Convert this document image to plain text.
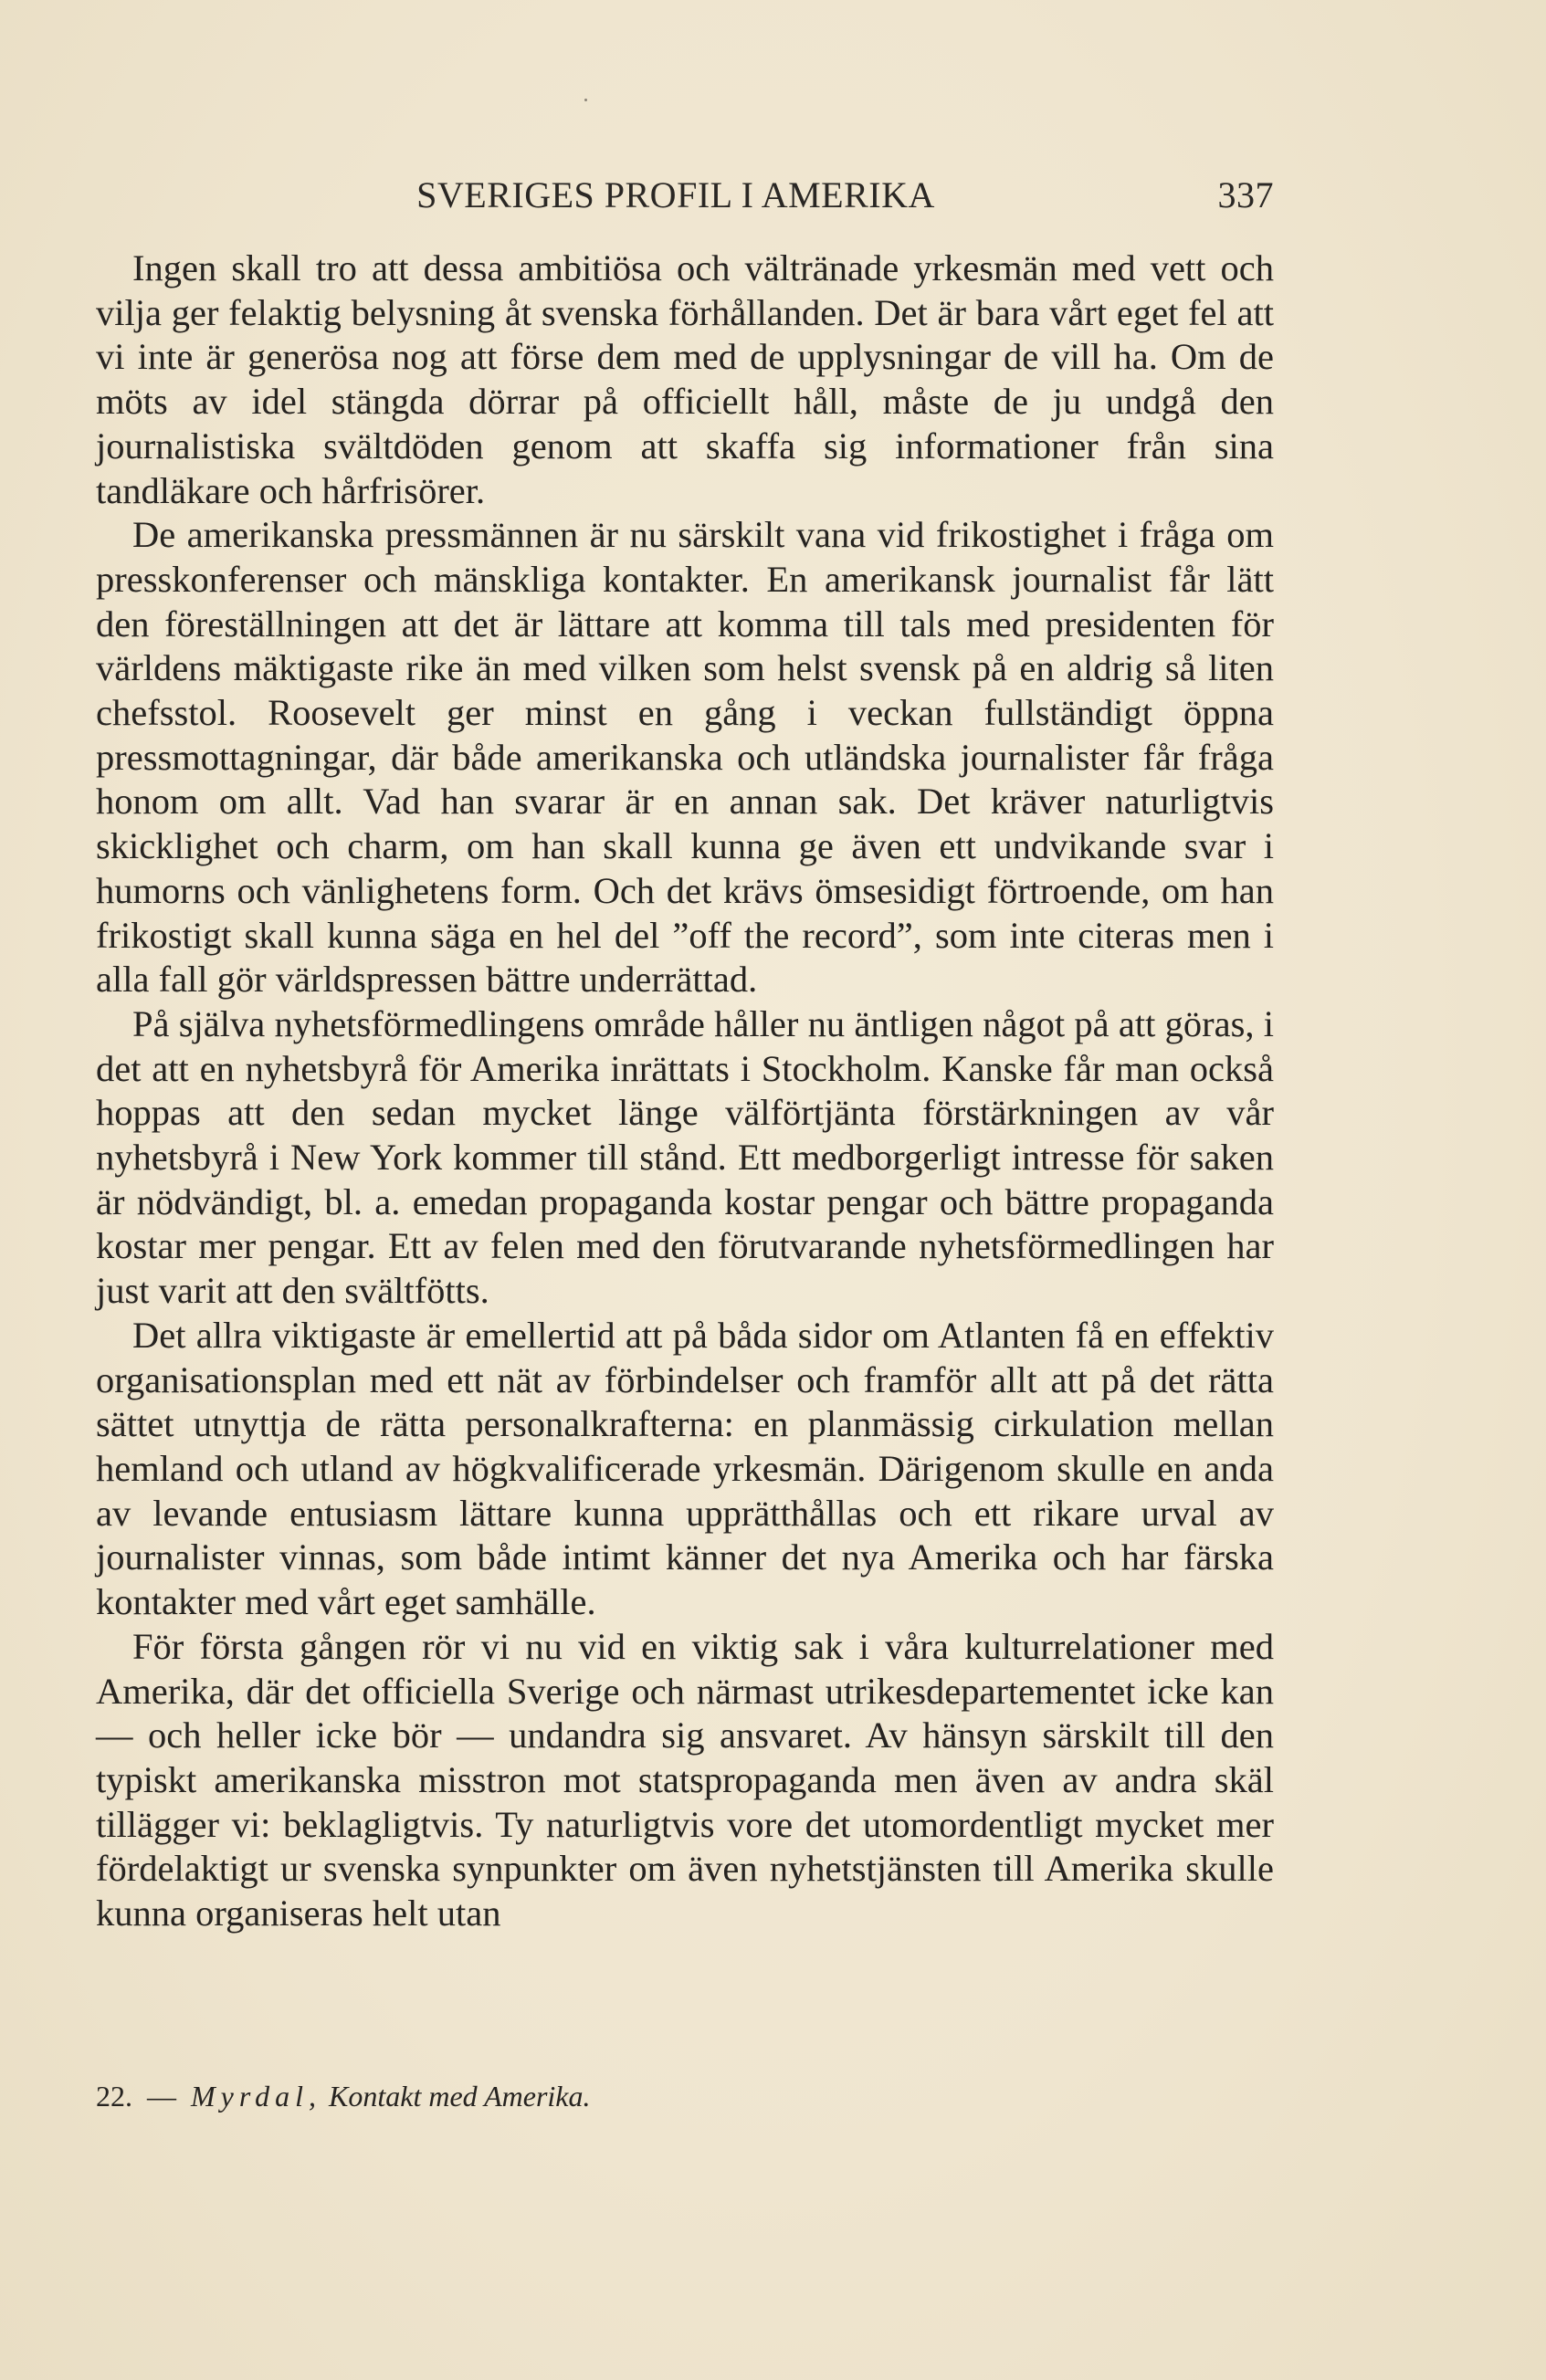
SVERIGES PROFIL I AMERIKA	337

Ingen skall tro att dessa ambitiösa och vältränade yrkesmän med vett och vilja ger felaktig belysning åt svenska förhållanden. Det är bara vårt eget fel att vi inte är generösa nog att förse dem med de upplysningar de vill ha. Om de möts av idel stängda dörrar på officiellt håll, måste de ju undgå den journalistiska svältdöden genom att skaffa sig informationer från sina tandläkare och hårfrisörer.

De amerikanska pressmännen är nu särskilt vana vid frikostighet i fråga om presskonferenser och mänskliga kontakter. En amerikansk journalist får lätt den föreställningen att det är lättare att komma till tals med presidenten för världens mäktigaste rike än med vilken som helst svensk på en aldrig så liten chefsstol. Roosevelt ger minst en gång i veckan fullständigt öppna pressmottagningar, där både amerikanska och utländska journalister får fråga honom om allt. Vad han svarar är en annan sak. Det kräver naturligtvis skicklighet och charm, om han skall kunna ge även ett undvikande svar i humorns och vänlighetens form. Och det krävs ömsesidigt förtroende, om han frikostigt skall kunna säga en hel del ”off the record”, som inte citeras men i alla fall gör världspressen bättre underrättad.

På själva nyhetsförmedlingens område håller nu äntligen något på att göras, i det att en nyhetsbyrå för Amerika inrättats i Stockholm. Kanske får man också hoppas att den sedan mycket länge välförtjänta förstärkningen av vår nyhetsbyrå i New York kommer till stånd. Ett medborgerligt intresse för saken är nödvändigt, bl. a. emedan propaganda kostar pengar och bättre propaganda kostar mer pengar. Ett av felen med den förutvarande nyhetsförmedlingen har just varit att den svältfötts.

Det allra viktigaste är emellertid att på båda sidor om Atlanten få en effektiv organisationsplan med ett nät av förbindelser och framför allt att på det rätta sättet utnyttja de rätta personalkrafterna: en planmässig cirkulation mellan hemland och utland av högkvalificerade yrkesmän. Därigenom skulle en anda av levande entusiasm lättare kunna upprätthållas och ett rikare urval av journalister vinnas, som både intimt känner det nya Amerika och har färska kontakter med vårt eget samhälle.

För första gången rör vi nu vid en viktig sak i våra kulturrelationer med Amerika, där det officiella Sverige och närmast utrikesdepartementet icke kan — och heller icke bör — undandra sig ansvaret. Av hänsyn särskilt till den typiskt amerikanska misstron mot statspropaganda men även av andra skäl tillägger vi: beklagligtvis. Ty naturligtvis vore det utomordentligt mycket mer fördelaktigt ur svenska synpunkter om även nyhetstjänsten till Amerika skulle kunna organiseras helt utan

22. — Myrdal, Kontakt med Amerika.
